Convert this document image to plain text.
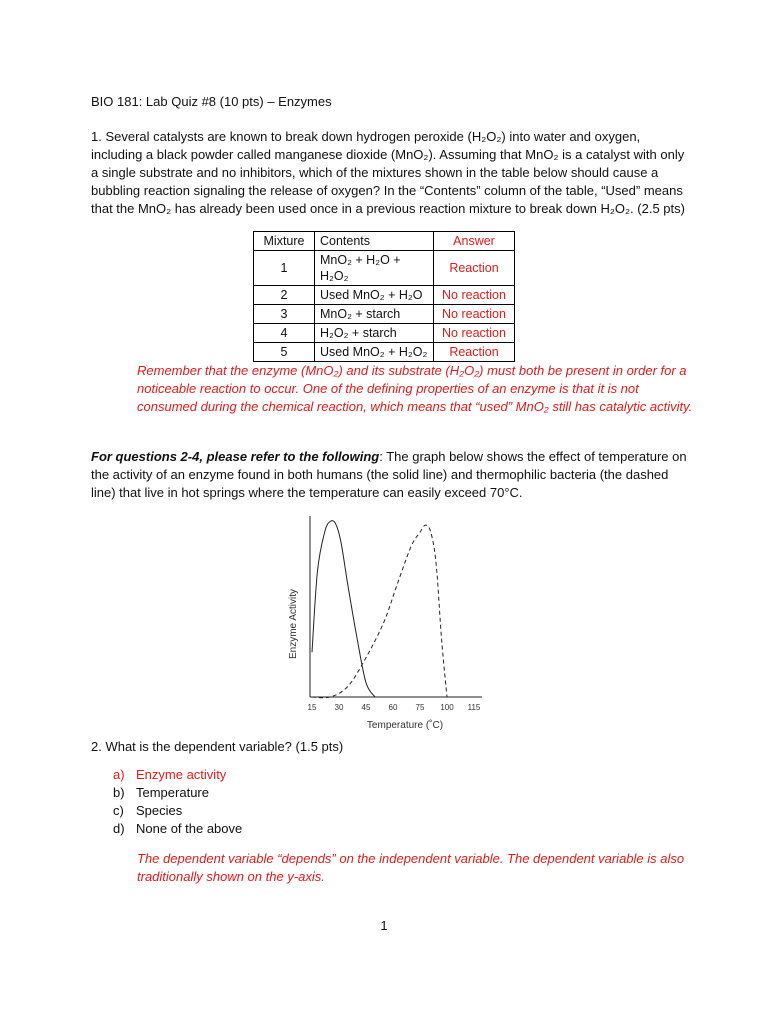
BIO 181: Lab Quiz #8 (10 pts) – Enzymes
1. Several catalysts are known to break down hydrogen peroxide (H₂O₂) into water and oxygen, including a black powder called manganese dioxide (MnO₂). Assuming that MnO₂ is a catalyst with only a single substrate and no inhibitors, which of the mixtures shown in the table below should cause a bubbling reaction signaling the release of oxygen? In the “Contents” column of the table, “Used” means that the MnO₂ has already been used once in a previous reaction mixture to break down H₂O₂. (2.5 pts)
Mixture	Contents	Answer
1	MnO₂ + H₂O + H₂O₂	Reaction
2	Used MnO₂ + H₂O	No reaction
3	MnO₂ + starch	No reaction
4	H₂O₂ + starch	No reaction
5	Used MnO₂ + H₂O₂	Reaction
Remember that the enzyme (MnO₂) and its substrate (H₂O₂) must both be present in order for a noticeable reaction to occur. One of the defining properties of an enzyme is that it is not consumed during the chemical reaction, which means that “used” MnO₂ still has catalytic activity.
For questions 2-4, please refer to the following: The graph below shows the effect of temperature on the activity of an enzyme found in both humans (the solid line) and thermophilic bacteria (the dashed line) that live in hot springs where the temperature can easily exceed 70°C.
15 30 45 60 75 100 115
Temperature (˚C)
Enzyme Activity
2. What is the dependent variable? (1.5 pts)
a) Enzyme activity
b) Temperature
c) Species
d) None of the above
The dependent variable “depends” on the independent variable. The dependent variable is also traditionally shown on the y-axis.
1
